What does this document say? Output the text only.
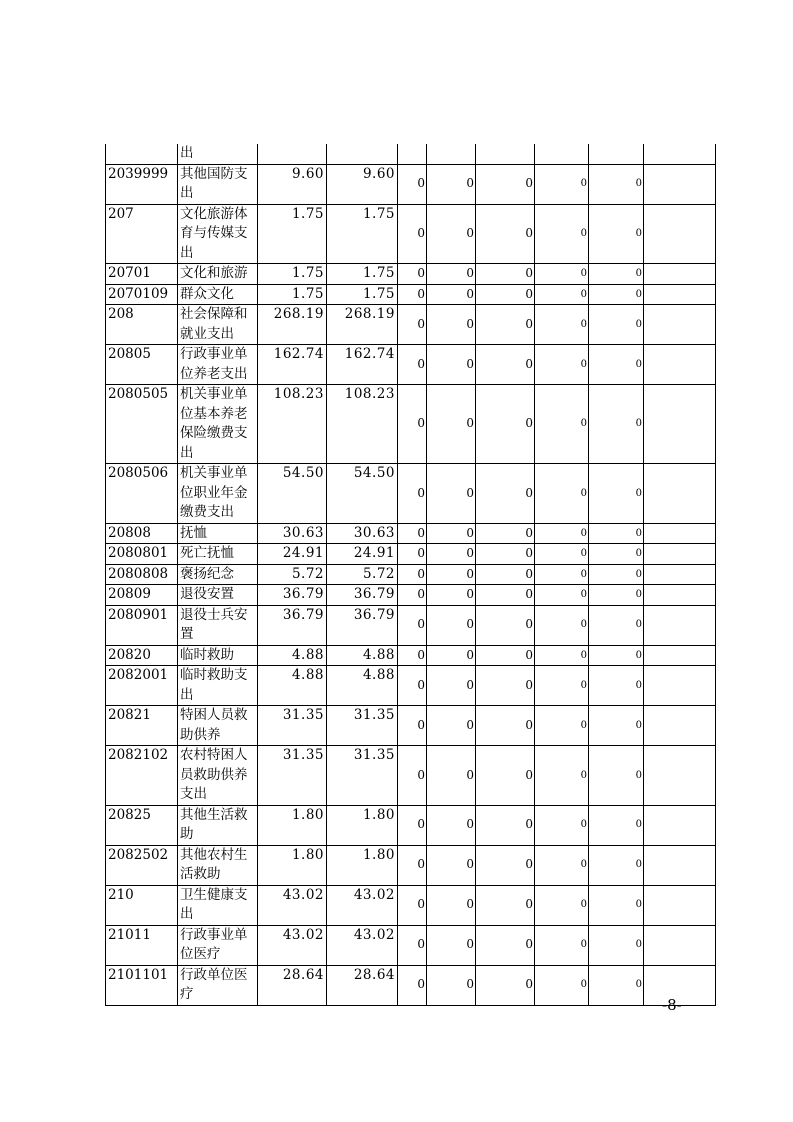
	出								
2039999	其他国防支出	9.60	9.60	0	0	0	0	0	
207	文化旅游体育与传媒支出	1.75	1.75	0	0	0	0	0	
20701	文化和旅游	1.75	1.75	0	0	0	0	0	
2070109	群众文化	1.75	1.75	0	0	0	0	0	
208	社会保障和就业支出	268.19	268.19	0	0	0	0	0	
20805	行政事业单位养老支出	162.74	162.74	0	0	0	0	0	
2080505	机关事业单位基本养老保险缴费支出	108.23	108.23	0	0	0	0	0	
2080506	机关事业单位职业年金缴费支出	54.50	54.50	0	0	0	0	0	
20808	抚恤	30.63	30.63	0	0	0	0	0	
2080801	死亡抚恤	24.91	24.91	0	0	0	0	0	
2080808	褒扬纪念	5.72	5.72	0	0	0	0	0	
20809	退役安置	36.79	36.79	0	0	0	0	0	
2080901	退役士兵安置	36.79	36.79	0	0	0	0	0	
20820	临时救助	4.88	4.88	0	0	0	0	0	
2082001	临时救助支出	4.88	4.88	0	0	0	0	0	
20821	特困人员救助供养	31.35	31.35	0	0	0	0	0	
2082102	农村特困人员救助供养支出	31.35	31.35	0	0	0	0	0	
20825	其他生活救助	1.80	1.80	0	0	0	0	0	
2082502	其他农村生活救助	1.80	1.80	0	0	0	0	0	
210	卫生健康支出	43.02	43.02	0	0	0	0	0	
21011	行政事业单位医疗	43.02	43.02	0	0	0	0	0	
2101101	行政单位医疗	28.64	28.64	0	0	0	0	0	
-8-
